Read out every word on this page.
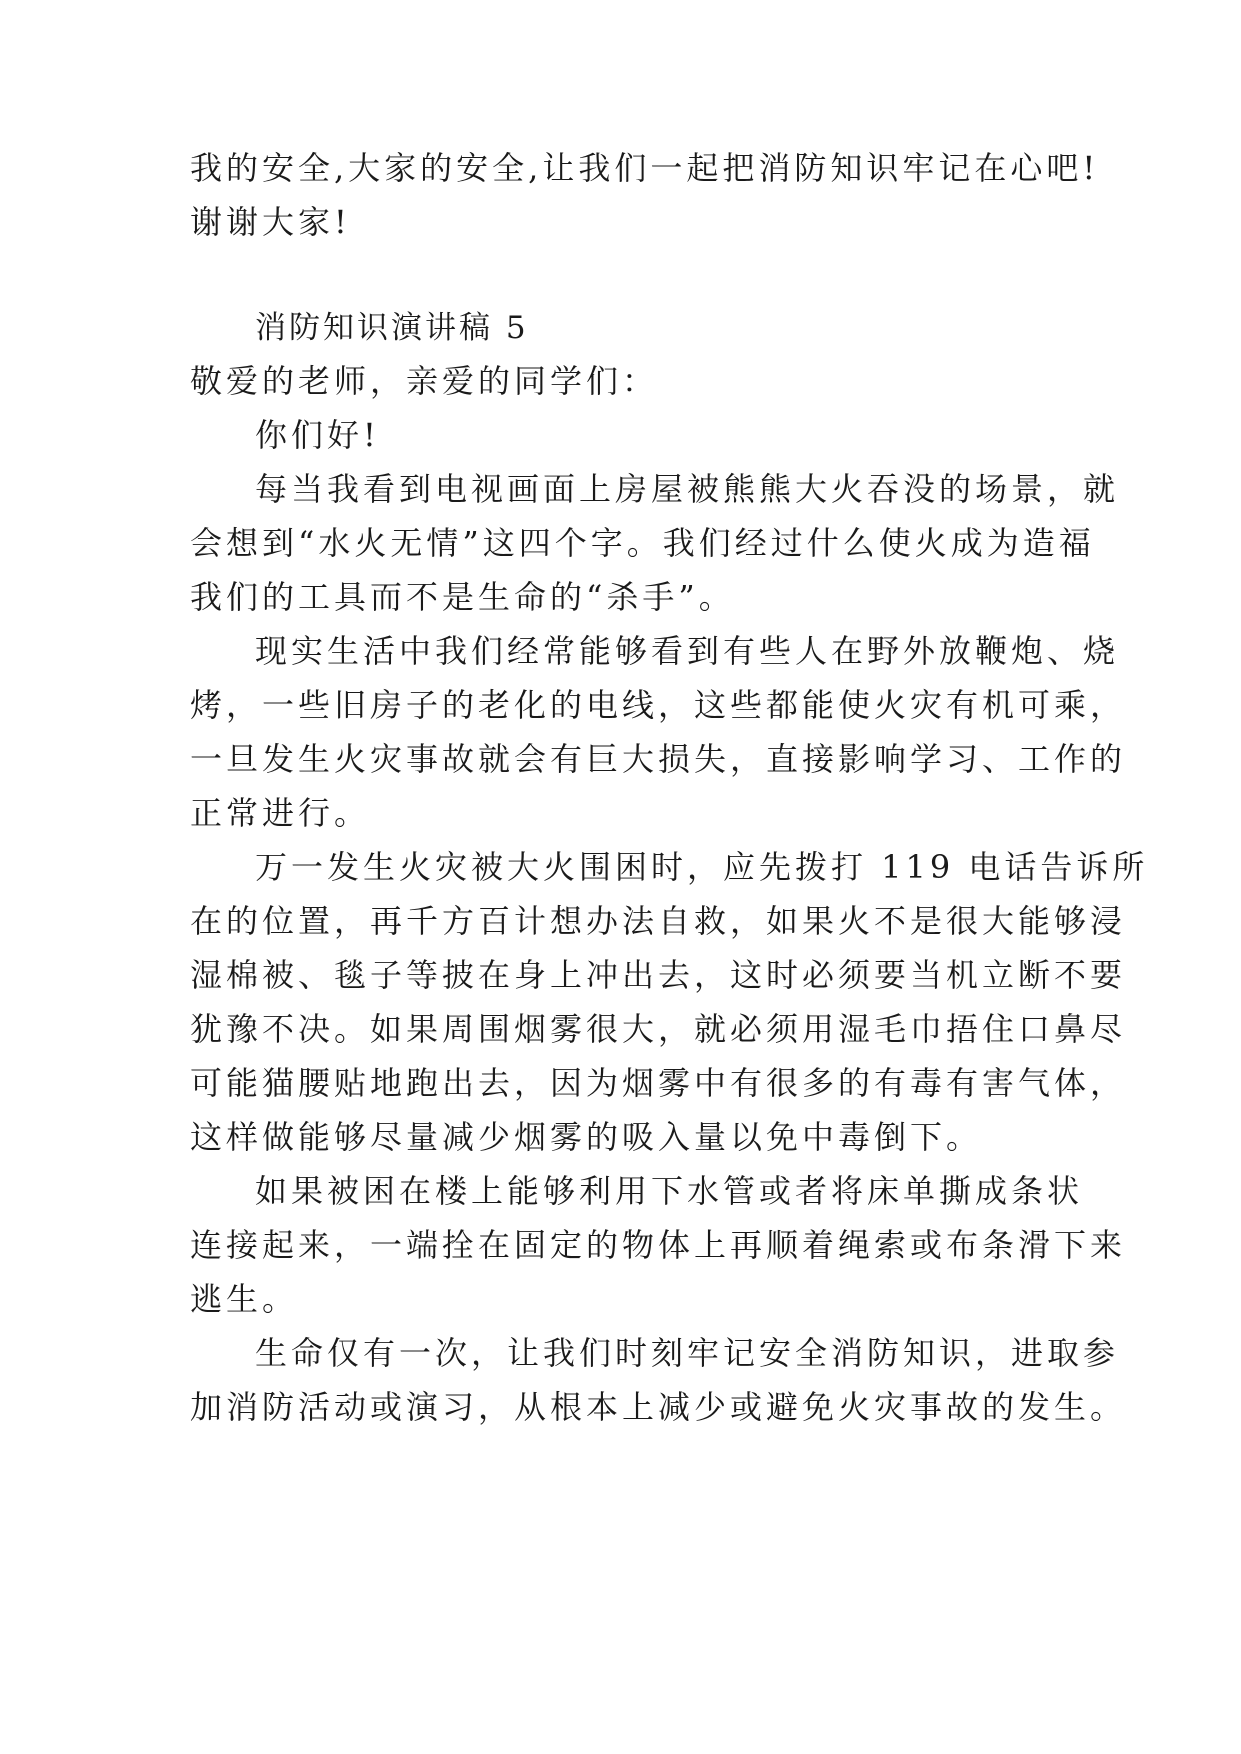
我的安全,大家的安全,让我们一起把消防知识牢记在心吧!
谢谢大家!
消防知识演讲稿 5
敬爱的老师，亲爱的同学们：
你们好!
每当我看到电视画面上房屋被熊熊大火吞没的场景，就
会想到“水火无情”这四个字。我们经过什么使火成为造福
我们的工具而不是生命的“杀手”。
现实生活中我们经常能够看到有些人在野外放鞭炮、烧
烤，一些旧房子的老化的电线，这些都能使火灾有机可乘，
一旦发生火灾事故就会有巨大损失，直接影响学习、工作的
正常进行。
万一发生火灾被大火围困时，应先拨打 119 电话告诉所
在的位置，再千方百计想办法自救，如果火不是很大能够浸
湿棉被、毯子等披在身上冲出去，这时必须要当机立断不要
犹豫不决。如果周围烟雾很大，就必须用湿毛巾捂住口鼻尽
可能猫腰贴地跑出去，因为烟雾中有很多的有毒有害气体，
这样做能够尽量减少烟雾的吸入量以免中毒倒下。
如果被困在楼上能够利用下水管或者将床单撕成条状
连接起来，一端拴在固定的物体上再顺着绳索或布条滑下来
逃生。
生命仅有一次，让我们时刻牢记安全消防知识，进取参
加消防活动或演习，从根本上减少或避免火灾事故的发生。
